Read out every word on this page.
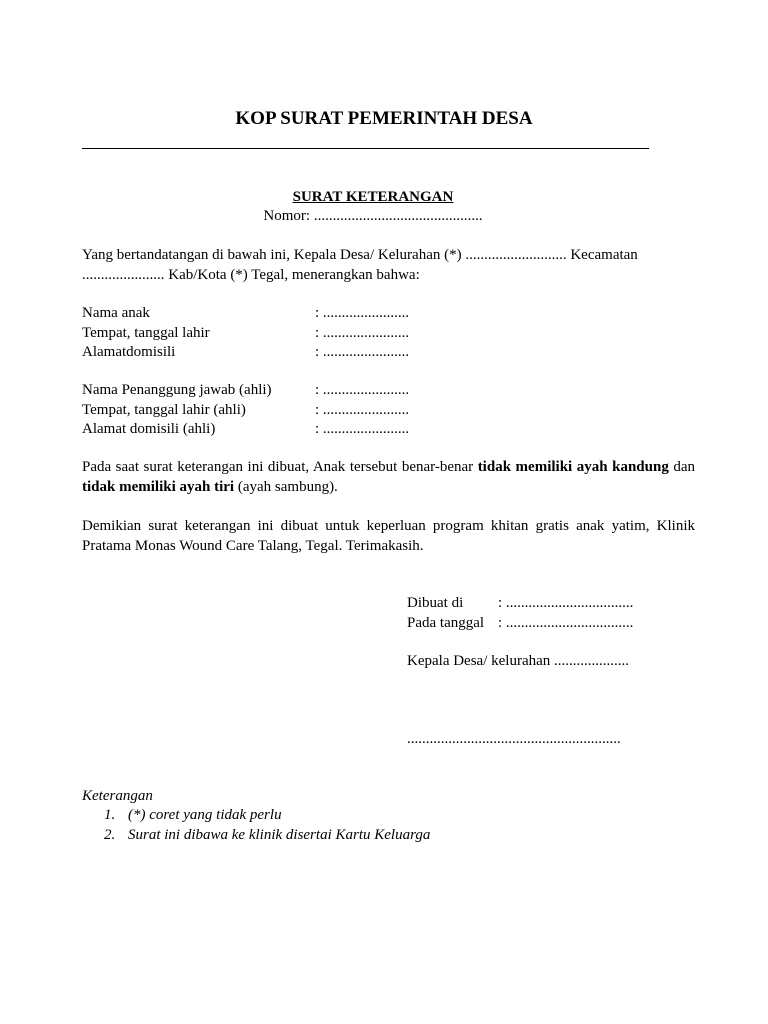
KOP SURAT PEMERINTAH DESA
SURAT KETERANGAN
Nomor: .............................................
Yang bertandatangan di bawah ini, Kepala Desa/ Kelurahan (*) ........................... Kecamatan
...................... Kab/Kota (*) Tegal, menerangkan bahwa:
Nama anak	: .......................
Tempat, tanggal lahir	: .......................
Alamatdomisili	: .......................
Nama Penanggung jawab (ahli)	: .......................
Tempat, tanggal lahir (ahli)	: .......................
Alamat domisili (ahli)	: .......................
Pada saat surat keterangan ini dibuat, Anak tersebut benar-benar tidak memiliki ayah kandung dan tidak memiliki ayah tiri (ayah sambung).
Demikian surat keterangan ini dibuat untuk keperluan program khitan gratis anak yatim, Klinik Pratama Monas Wound Care Talang, Tegal. Terimakasih.
Dibuat di : ..................................
Pada tanggal : ..................................
Kepala Desa/ kelurahan ....................
.........................................................
Keterangan
1. (*) coret yang tidak perlu
2. Surat ini dibawa ke klinik disertai Kartu Keluarga
